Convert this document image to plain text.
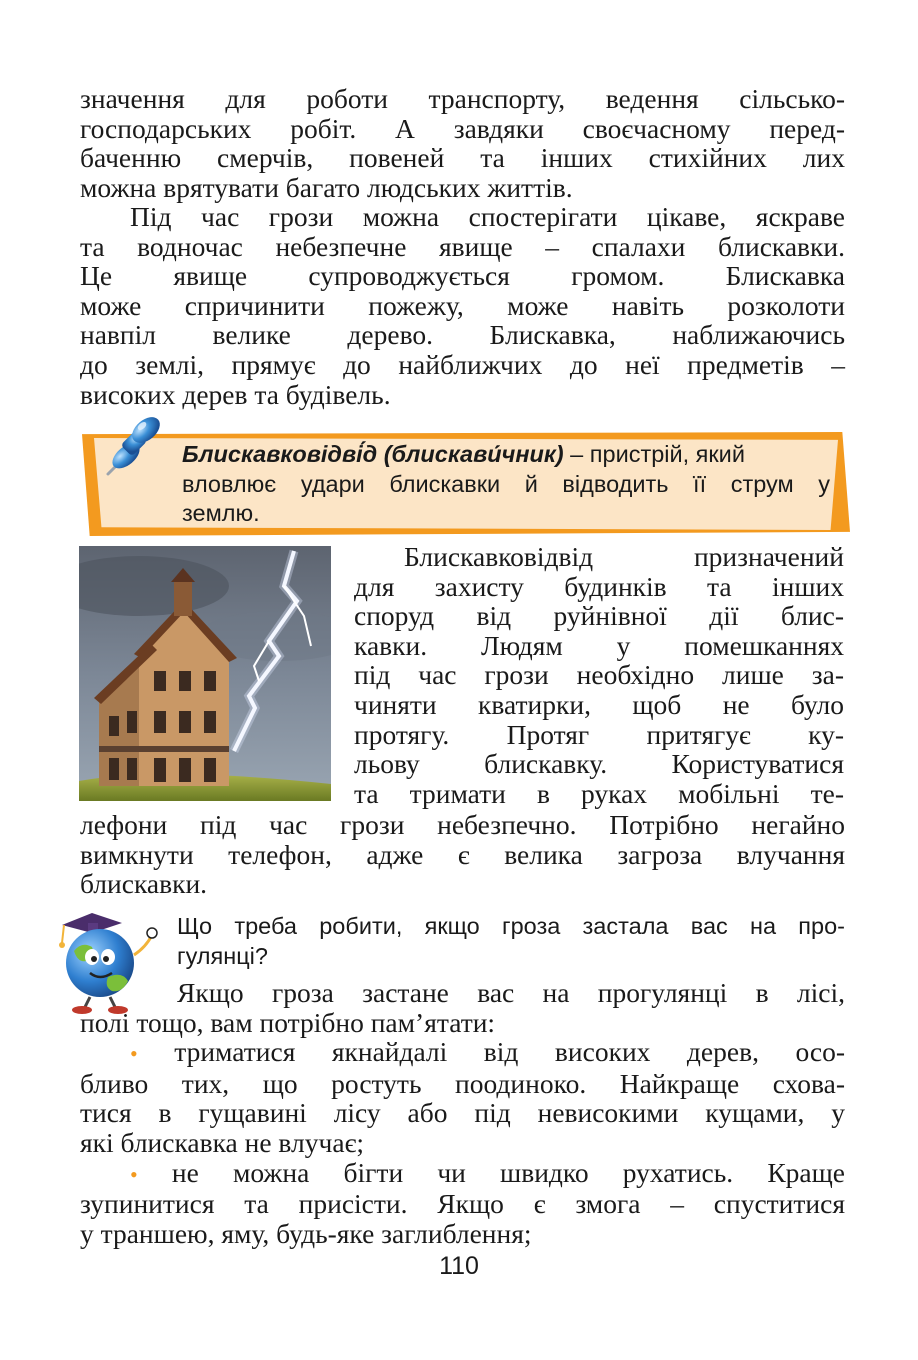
значення для роботи транспорту, ведення сільсько-
господарських робіт. А завдяки своєчасному перед-
баченню смерчів, повеней та інших стихійних лих
можна врятувати багато людських життів.
Під час грози можна спостерігати цікаве, яскраве
та водночас небезпечне явище – спалахи блискавки.
Це явище супроводжується громом. Блискавка
може спричинити пожежу, може навіть розколоти
навпіл велике дерево. Блискавка, наближаючись
до землі, прямує до найближчих до неї предметів –
високих дерев та будівель.
Блискавковідві́д (блискави́чник) – пристрій, який
вловлює удари блискавки й відводить її струм у
землю.
Блискавковідвід призначений
для захисту будинків та інших
споруд від руйнівної дії блис-
кавки. Людям у помешканнях
під час грози необхідно лише за-
чиняти кватирки, щоб не було
протягу. Протяг притягує ку-
льову блискавку. Користуватися
та тримати в руках мобільні те-
лефони під час грози небезпечно. Потрібно негайно
вимкнути телефон, адже є велика загроза влучання
блискавки.
Що треба робити, якщо гроза застала вас на про-
гулянці?
Якщо гроза застане вас на прогулянці в лісі,
полі тощо, вам потрібно пам’ятати:
• триматися якнайдалі від високих дерев, осо-
бливо тих, що ростуть поодиноко. Найкраще схова-
тися в гущавині лісу або під невисокими кущами, у
які блискавка не влучає;
• не можна бігти чи швидко рухатись. Краще
зупинитися та присісти. Якщо є змога – спуститися
у траншею, яму, будь-яке заглиблення;
110
